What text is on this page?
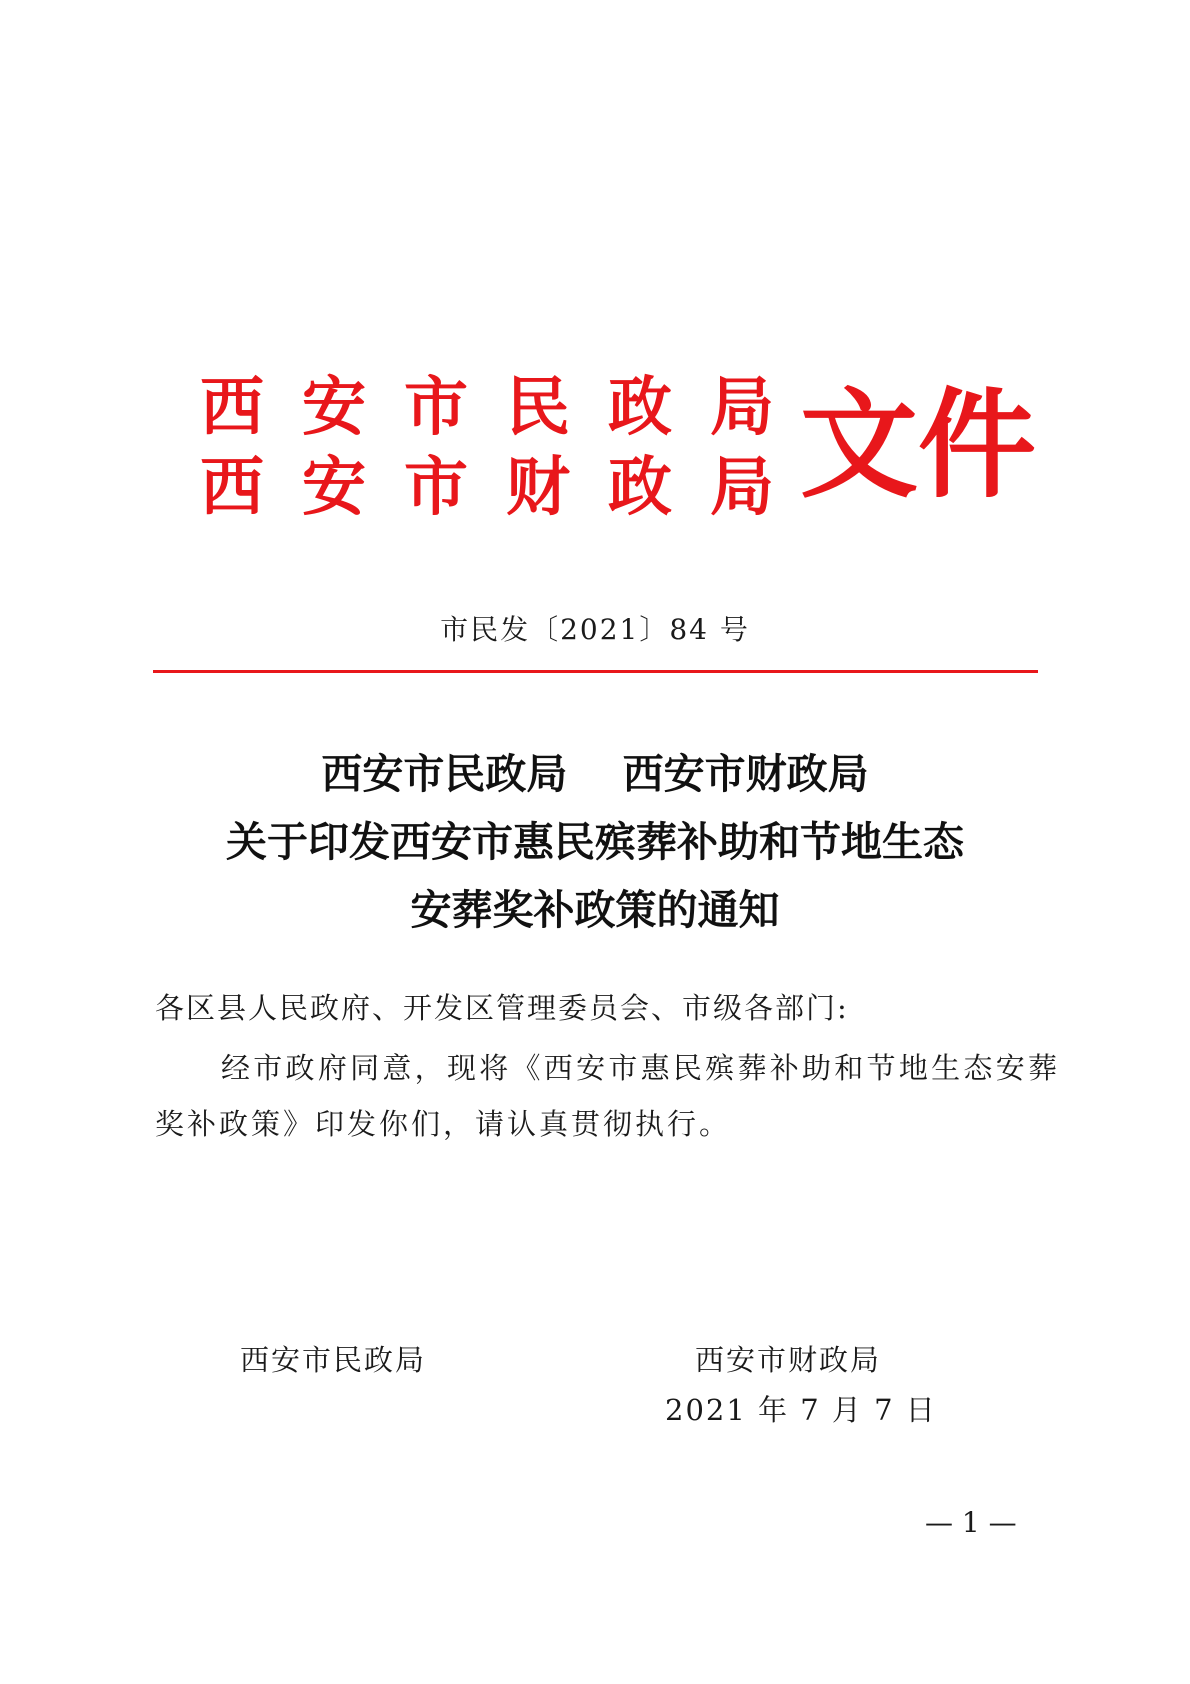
西安市民政局
西安市财政局
文件
市民发〔2021〕84 号
西安市民政局　 西安市财政局
关于印发西安市惠民殡葬补助和节地生态
安葬奖补政策的通知
各区县人民政府、开发区管理委员会、市级各部门:
经市政府同意，现将《西安市惠民殡葬补助和节地生态安葬奖补政策》印发你们，请认真贯彻执行。
西安市民政局	西安市财政局
2021 年 7 月 7 日
— 1 —
